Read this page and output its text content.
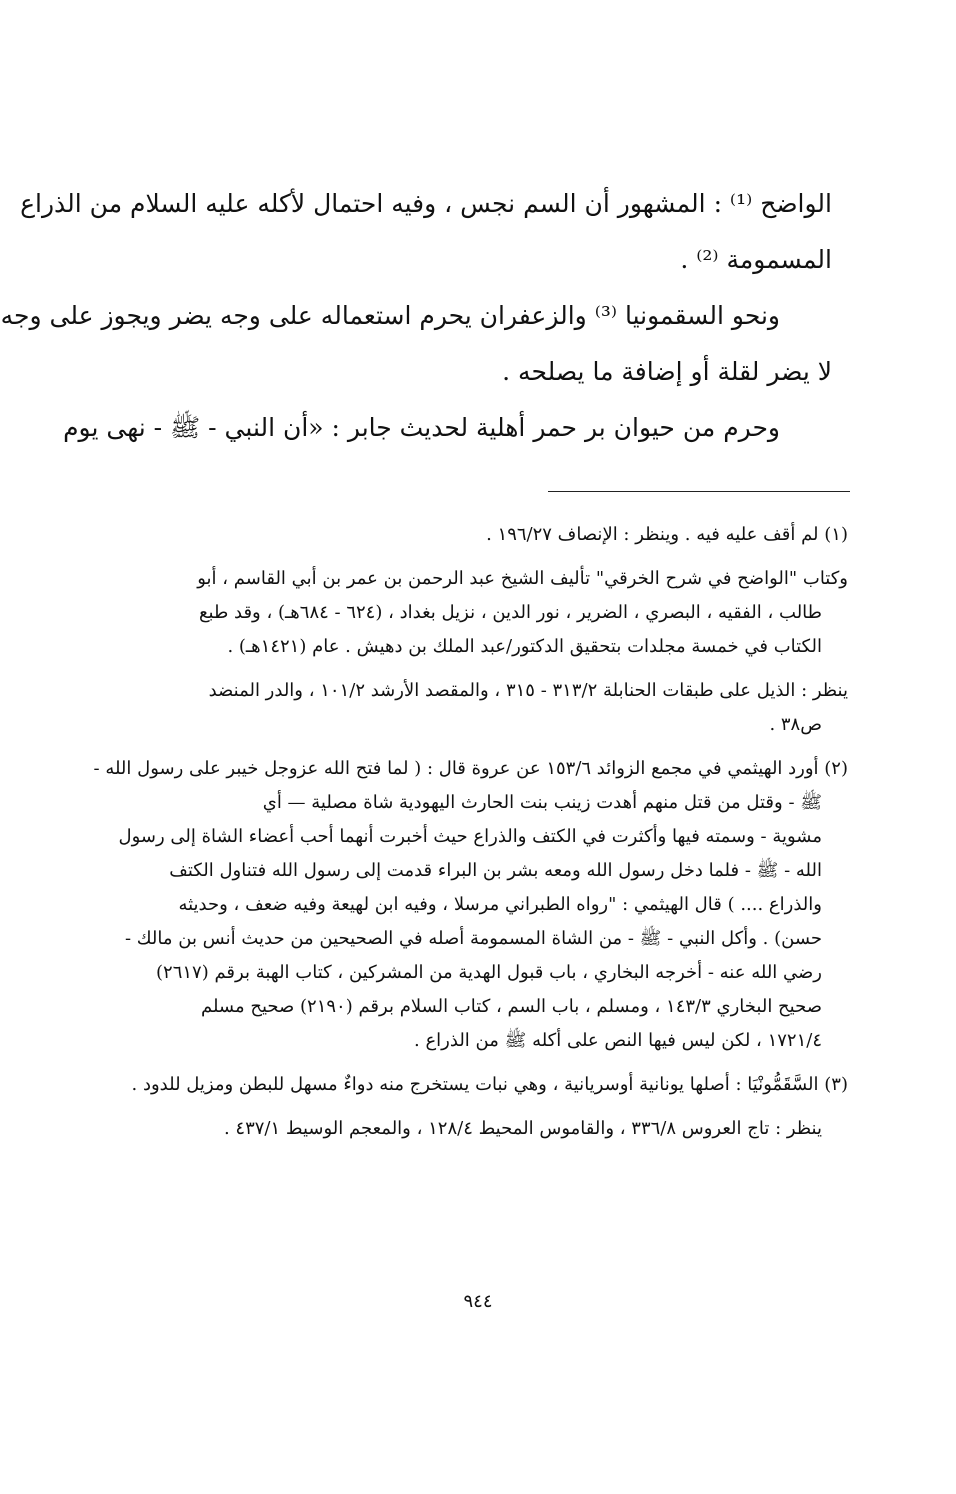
الواضح ⁽¹⁾ : المشهور أن السم نجس ، وفيه احتمال لأكله عليه السلام من الذراع

المسمومة ⁽²⁾ .

ونحو السقمونيا ⁽³⁾ والزعفران يحرم استعماله على وجه يضر ويجوز على وجه

لا يضر لقلة أو إضافة ما يصلحه .

وحرم من حيوان بر حمر أهلية لحديث جابر : «أن النبي - ﷺ - نهى يوم

(١) لم أقف عليه فيه . وينظر : الإنصاف ١٩٦/٢٧ .

وكتاب "الواضح في شرح الخرقي" تأليف الشيخ عبد الرحمن بن عمر بن أبي القاسم ، أبو

طالب ، الفقيه ، البصري ، الضرير ، نور الدين ، نزيل بغداد ، (٦٢٤ - ٦٨٤هـ) ، وقد طبع

الكتاب في خمسة مجلدات بتحقيق الدكتور/عبد الملك بن دهيش . عام (١٤٢١هـ) .

ينظر : الذيل على طبقات الحنابلة ٣١٣/٢ - ٣١٥ ، والمقصد الأرشد ١٠١/٢ ، والدر المنضد

ص٣٨ .

(٢) أورد الهيثمي في مجمع الزوائد ١٥٣/٦ عن عروة قال : ( لما فتح الله عزوجل خيبر على رسول الله -

ﷺ - وقتل من قتل منهم أهدت زينب بنت الحارث اليهودية شاة مصلية — أي

مشوية - وسمته فيها وأكثرت في الكتف والذراع حيث أخبرت أنهما أحب أعضاء الشاة إلى رسول

الله - ﷺ - فلما دخل رسول الله ومعه بشر بن البراء قدمت إلى رسول الله فتناول الكتف

والذراع .... ) قال الهيثمي : "رواه الطبراني مرسلا ، وفيه ابن لهيعة وفيه ضعف ، وحديثه

حسن) . وأكل النبي - ﷺ - من الشاة المسمومة أصله في الصحيحين من حديث أنس بن مالك -

رضي الله عنه - أخرجه البخاري ، باب قبول الهدية من المشركين ، كتاب الهبة برقم (٢٦١٧)

صحيح البخاري ١٤٣/٣ ، ومسلم ، باب السم ، كتاب السلام برقم (٢١٩٠) صحيح مسلم

١٧٢١/٤ ، لكن ليس فيها النص على أكله ﷺ من الذراع .

(٣) السَّقَمُّونْيَا : أصلها يونانية أوسريانية ، وهي نبات يستخرج منه دواءٌ مسهل للبطن ومزيل للدود .

ينظر : تاج العروس ٣٣٦/٨ ، والقاموس المحيط ١٢٨/٤ ، والمعجم الوسيط ٤٣٧/١ .

٩٤٤
